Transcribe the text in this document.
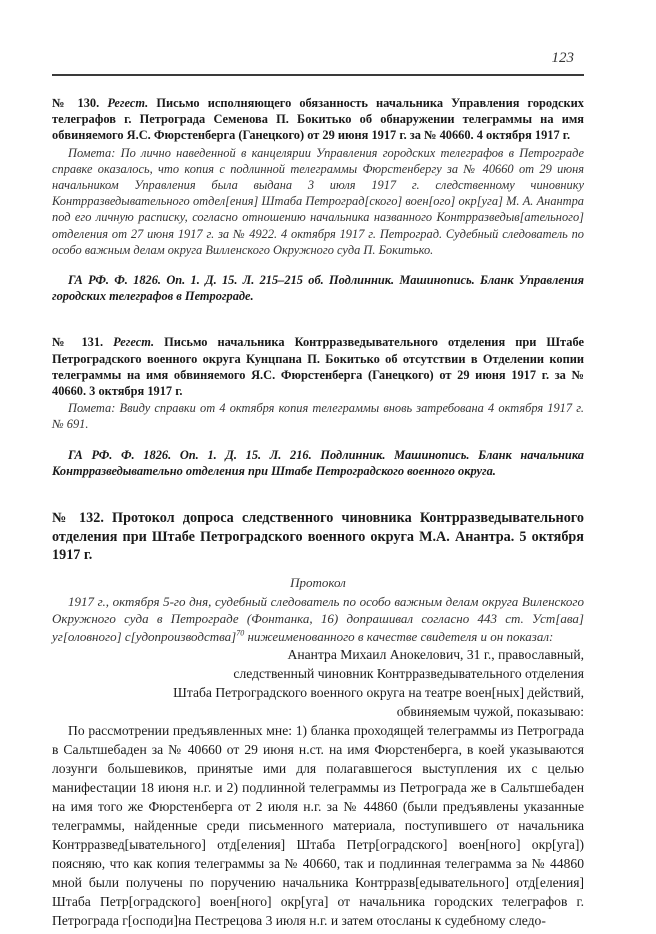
123

№ 130. Регест. Письмо исполняющего обязанность начальника Управления городских телеграфов г. Петрограда Семенова П. Бокитько об обнаружении телеграммы на имя обвиняемого Я.С. Фюрстенберга (Ганецкого) от 29 июня 1917 г. за № 40660. 4 октября 1917 г.

Помета: По лично наведенной в канцелярии Управления городских телеграфов в Петрограде справке оказалось, что копия с подлинной телеграммы Фюрстенбергу за № 40660 от 29 июня начальником Управления была выдана 3 июля 1917 г. следственному чиновнику Контрразведывательного отдел[ения] Штаба Петроград[ского] воен[ого] окр[уга] М. А. Анантра под его личную расписку, согласно отношению начальника названного Контрразведыв[ательного] отделения от 27 июня 1917 г. за № 4922. 4 октября 1917 г. Петроград. Судебный следователь по особо важным делам округа Вилленского Окружного суда П. Бокитько.

ГА РФ. Ф. 1826. Оп. 1. Д. 15. Л. 215–215 об. Подлинник. Машинопись. Бланк Управления городских телеграфов в Петрограде.

№ 131. Регест. Письмо начальника Контрразведывательного отделения при Штабе Петроградского военного округа Кунцпана П. Бокитько об отсутствии в Отделении копии телеграммы на имя обвиняемого Я.С. Фюрстенберга (Ганецкого) от 29 июня 1917 г. за № 40660. 3 октября 1917 г.

Помета: Ввиду справки от 4 октября копия телеграммы вновь затребована 4 октября 1917 г. № 691.

ГА РФ. Ф. 1826. Оп. 1. Д. 15. Л. 216. Подлинник. Машинопись. Бланк начальника Контрразведывательно отделения при Штабе Петроградского военного округа.

№ 132. Протокол допроса следственного чиновника Контрразведывательного отделения при Штабе Петроградского военного округа М.А. Анантра. 5 октября 1917 г.

Протокол

1917 г., октября 5-го дня, судебный следователь по особо важным делам округа Виленского Окружного суда в Петрограде (Фонтанка, 16) допрашивал согласно 443 ст. Уст[ава] уг[оловного] с[удопроизводства]$^{70}$ нижеименованного в качестве свидетеля и он показал:

Анантра Михаил Анокелович, 31 г., православный,

следственный чиновник Контрразведывательного отделения

Штаба Петроградского военного округа на театре воен[ных] действий,

обвиняемым чужой, показываю:

По рассмотрении предъявленных мне: 1) бланка проходящей телеграммы из Петрограда в Сальтшебаден за № 40660 от 29 июня н.ст. на имя Фюрстенберга, в коей указываются лозунги большевиков, принятые ими для полагавшегося выступления их с целью манифестации 18 июня н.г. и 2) подлинной телеграммы из Петрограда же в Сальтшебаден на имя того же Фюрстенберга от 2 июля н.г. за № 44860 (были предъявлены указанные телеграммы, найденные среди письменного материала, поступившего от начальника Контрразвед[ывательного] отд[еления] Штаба Петр[оградского] воен[ного] окр[уга]) поясняю, что как копия телеграммы за № 40660, так и подлинная телеграмма за № 44860 мной были получены по поручению начальника Контрразв[едывательного] отд[еления] Штаба Петр[оградского] воен[ного] окр[уга] от начальника городских телеграфов г. Петрограда г[осподи]на Пестрецова 3 июля н.г. и затем отосланы к судебному следо-
